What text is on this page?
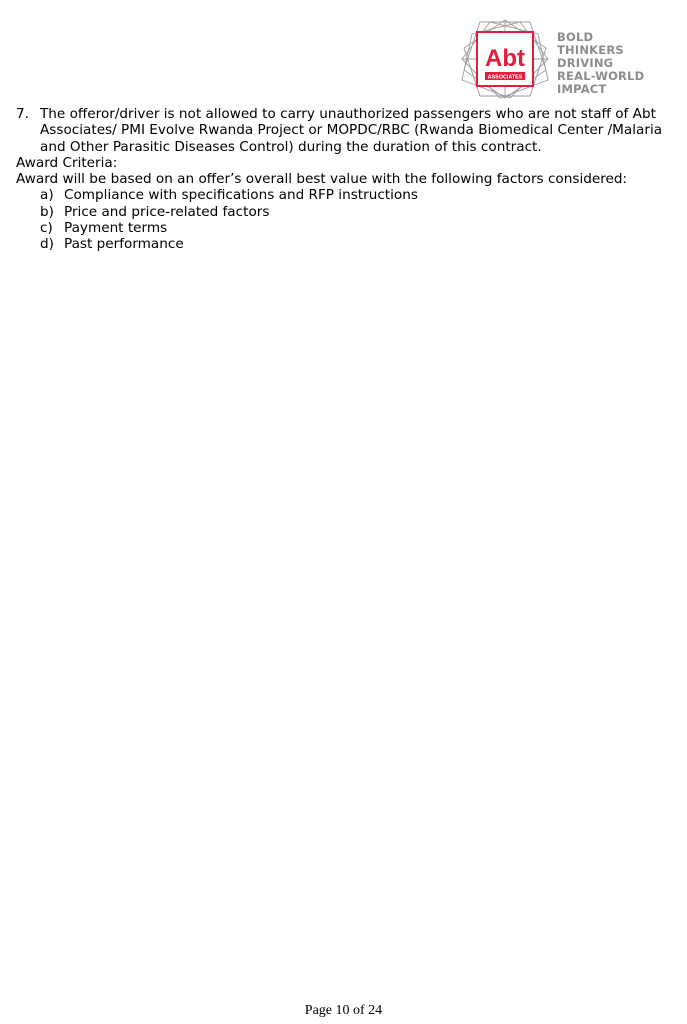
Abt
ASSOCIATES
BOLD
THINKERS
DRIVING
REAL-WORLD
IMPACT
7. The offeror/driver is not allowed to carry unauthorized passengers who are not staff of Abt Associates/ PMI Evolve Rwanda Project or MOPDC/RBC (Rwanda Biomedical Center /Malaria and Other Parasitic Diseases Control) during the duration of this contract.

Award Criteria:

Award will be based on an offer’s overall best value with the following factors considered:

a) Compliance with specifications and RFP instructions
b) Price and price-related factors
c) Payment terms
d) Past performance
Page 10 of 24
